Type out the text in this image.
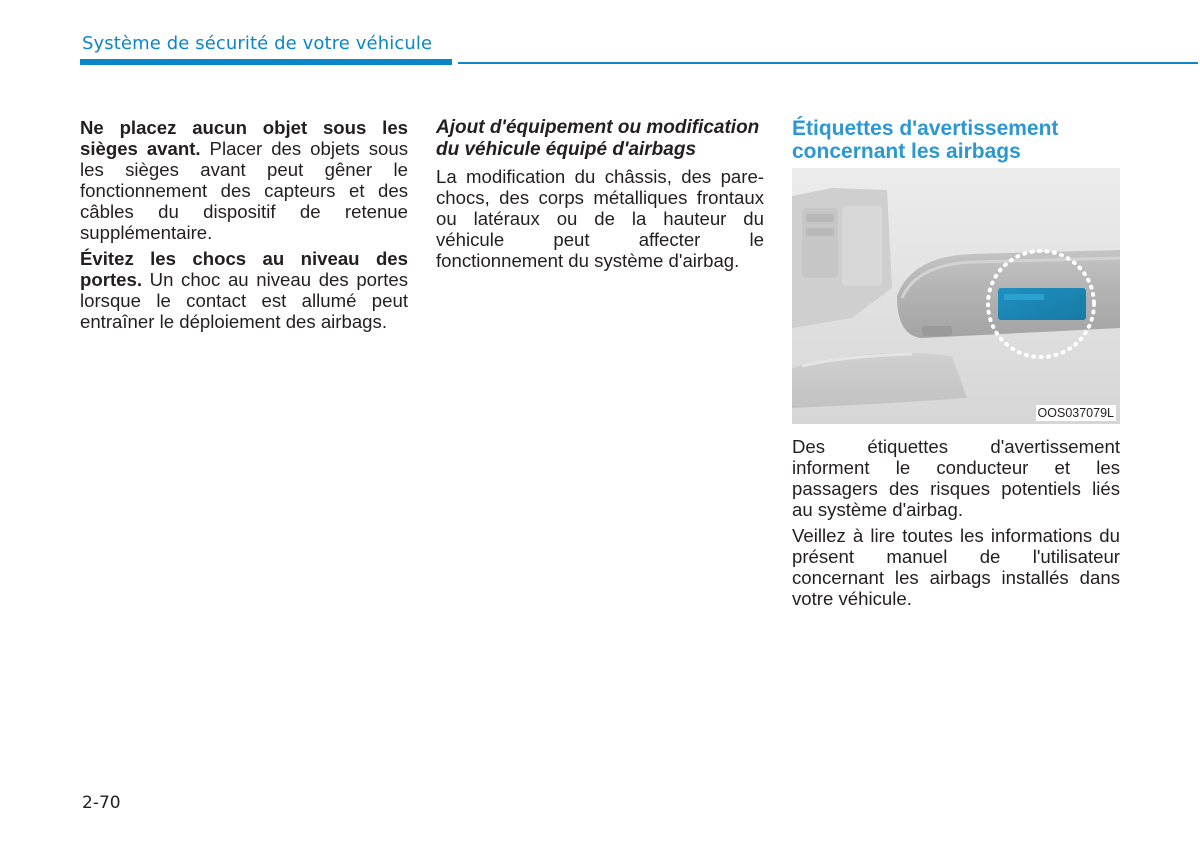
Système de sécurité de votre véhicule

Ne placez aucun objet sous les sièges avant. Placer des objets sous les sièges avant peut gêner le fonctionnement des capteurs et des câbles du dispositif de retenue supplémentaire.

Évitez les chocs au niveau des portes. Un choc au niveau des portes lorsque le contact est allumé peut entraîner le déploiement des airbags.

Ajout d'équipement ou modification du véhicule équipé d'airbags

La modification du châssis, des pare-chocs, des corps métalliques frontaux ou latéraux ou de la hauteur du véhicule peut affecter le fonctionnement du système d'airbag.

Étiquettes d'avertissement concernant les airbags

OOS037079L

Des étiquettes d'avertissement informent le conducteur et les passagers des risques potentiels liés au système d'airbag.

Veillez à lire toutes les informations du présent manuel de l'utilisateur concernant les airbags installés dans votre véhicule.

2-70
